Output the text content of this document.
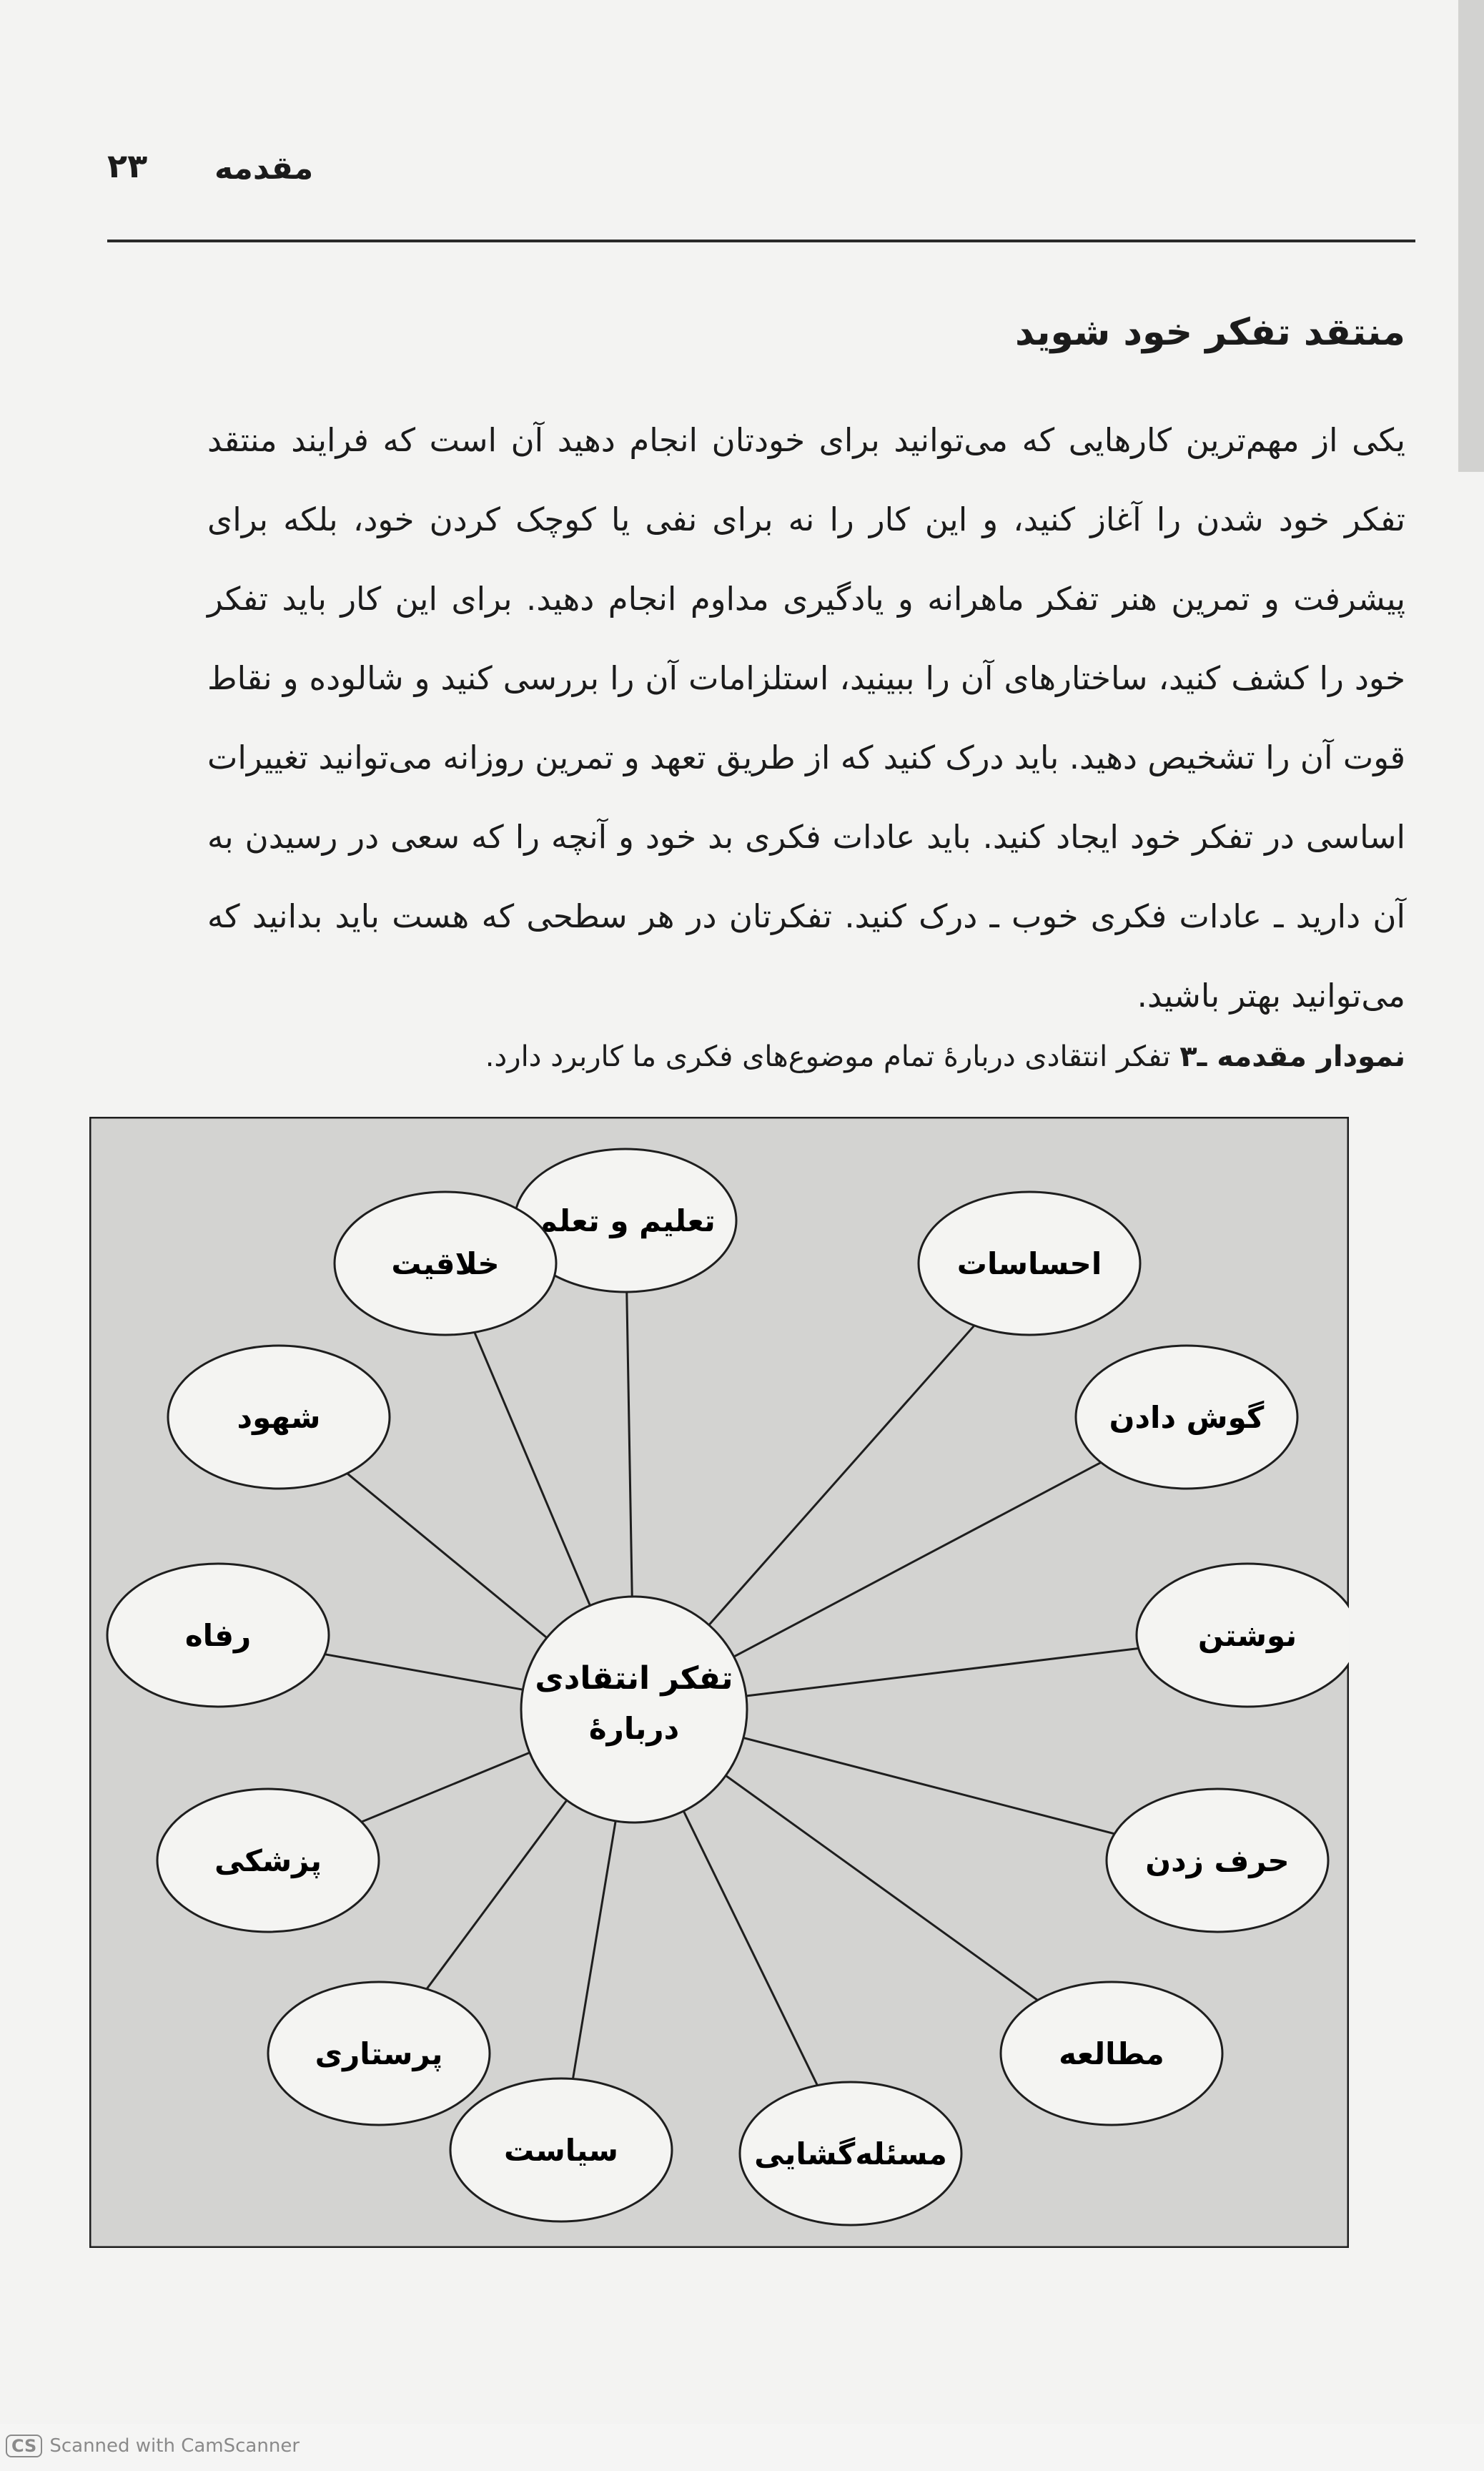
۲۳ مقدمه
منتقد تفکر خود شوید
یکی از مهم‌ترین کارهایی که می‌توانید برای خودتان انجام دهید آن است که فرایند منتقد تفکر خود شدن را آغاز کنید، و این کار را نه برای نفی یا کوچک کردن خود، بلکه برای پیشرفت و تمرین هنر تفکر ماهرانه و یادگیری مداوم انجام دهید. برای این کار باید تفکر خود را کشف کنید، ساختارهای آن را ببینید، استلزامات آن را بررسی کنید و شالوده و نقاط قوت آن را تشخیص دهید. باید درک کنید که از طریق تعهد و تمرین روزانه می‌توانید تغییرات اساسی در تفکر خود ایجاد کنید. باید عادات فکری بد خود و آنچه را که سعی در رسیدن به آن دارید ـ عادات فکری خوب ـ درک کنید. تفکرتان در هر سطحی که هست باید بدانید که می‌توانید بهتر باشید.
نمودار مقدمه ـ۳ تفکر انتقادی دربارهٔ تمام موضوع‌های فکری ما کاربرد دارد.
تعلیم و تعلم
احساسات
گوش دادن
نوشتن
حرف زدن
مطالعه
مسئله‌گشایی
سیاست
پرستاری
پزشکی
رفاه
شهود
خلاقیت
تفکر انتقادی
دربارهٔ
CS Scanned with CamScanner
